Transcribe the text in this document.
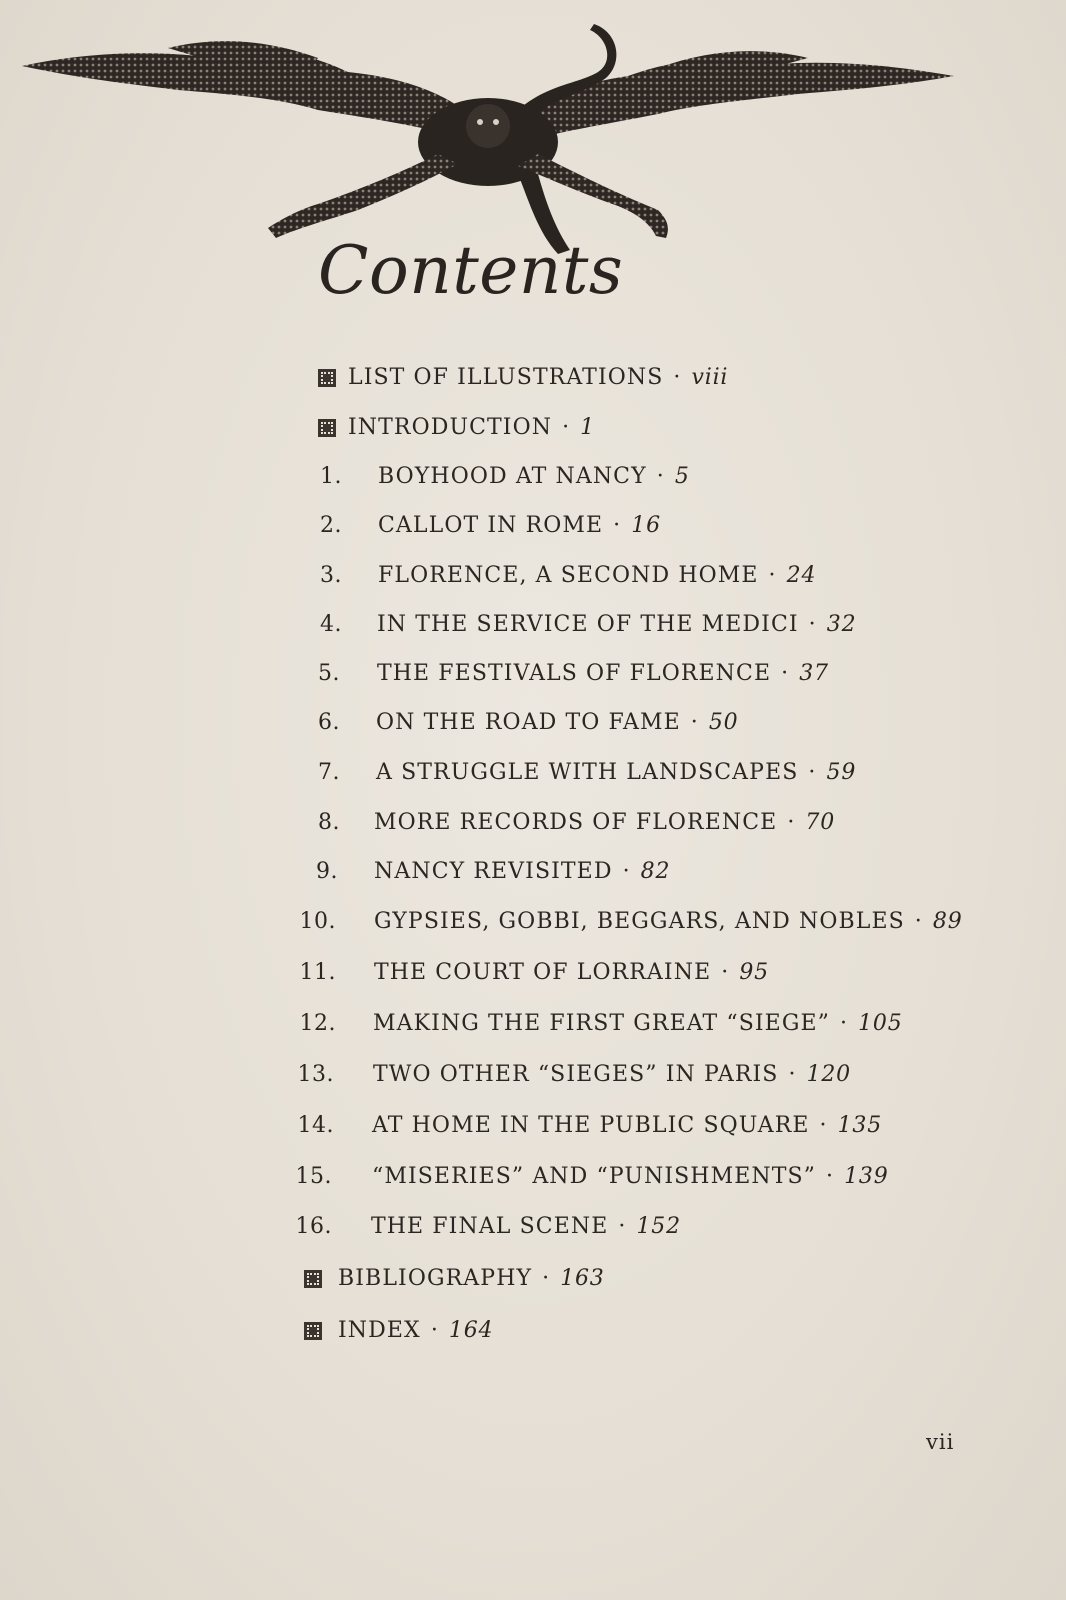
Contents
LIST OF ILLUSTRATIONS · viii
INTRODUCTION · 1
1. BOYHOOD AT NANCY · 5
2. CALLOT IN ROME · 16
3. FLORENCE, A SECOND HOME · 24
4. IN THE SERVICE OF THE MEDICI · 32
5. THE FESTIVALS OF FLORENCE · 37
6. ON THE ROAD TO FAME · 50
7. A STRUGGLE WITH LANDSCAPES · 59
8. MORE RECORDS OF FLORENCE · 70
9. NANCY REVISITED · 82
10. GYPSIES, GOBBI, BEGGARS, AND NOBLES · 89
11. THE COURT OF LORRAINE · 95
12. MAKING THE FIRST GREAT “SIEGE” · 105
13. TWO OTHER “SIEGES” IN PARIS · 120
14. AT HOME IN THE PUBLIC SQUARE · 135
15. “MISERIES” AND “PUNISHMENTS” · 139
16. THE FINAL SCENE · 152
BIBLIOGRAPHY · 163
INDEX · 164
vii
